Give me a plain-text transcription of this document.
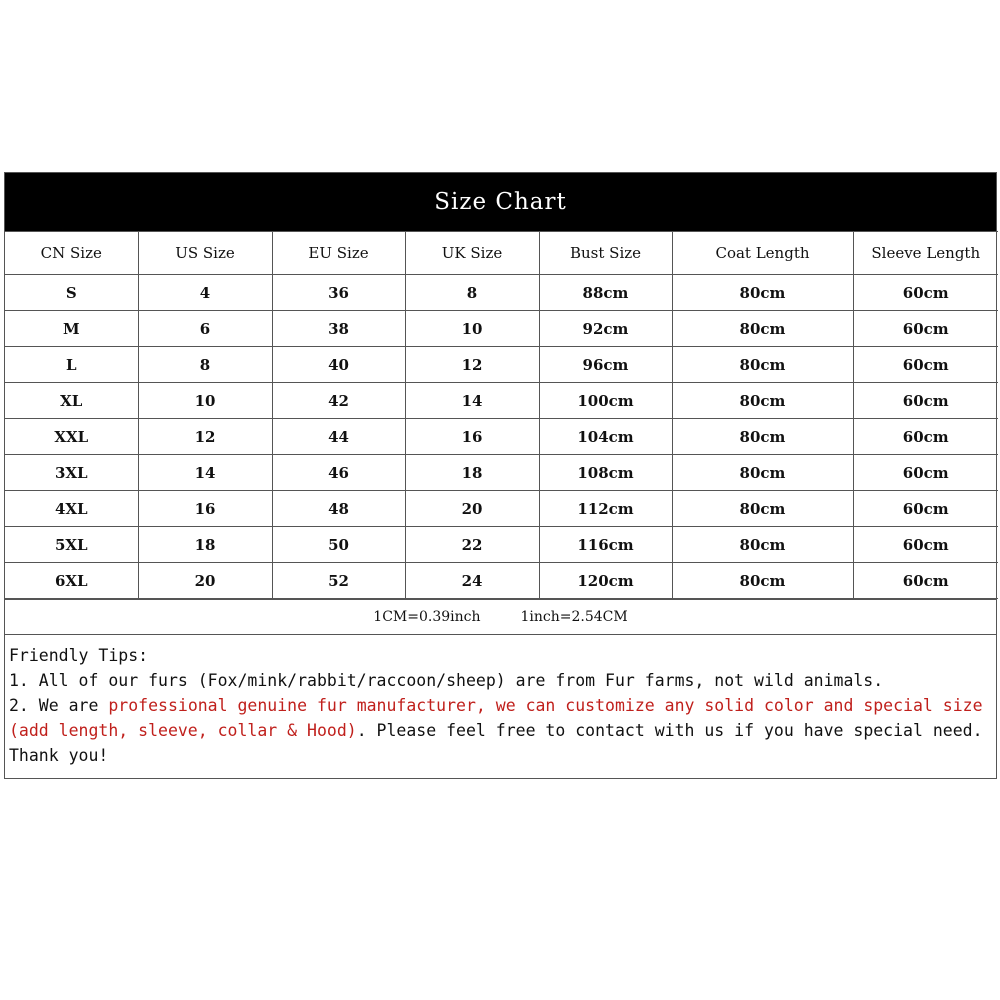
Size Chart
CN Size	US Size	EU Size	UK Size	Bust Size	Coat Length	Sleeve Length
S	4	36	8	88cm	80cm	60cm
M	6	38	10	92cm	80cm	60cm
L	8	40	12	96cm	80cm	60cm
XL	10	42	14	100cm	80cm	60cm
XXL	12	44	16	104cm	80cm	60cm
3XL	14	46	18	108cm	80cm	60cm
4XL	16	48	20	112cm	80cm	60cm
5XL	18	50	22	116cm	80cm	60cm
6XL	20	52	24	120cm	80cm	60cm
1CM=0.39inch	1inch=2.54CM
Friendly Tips:
1. All of our furs (Fox/mink/rabbit/raccoon/sheep) are from Fur farms, not wild animals.
2. We are professional genuine fur manufacturer, we can customize any solid color and special size (add length, sleeve, collar & Hood). Please feel free to contact with us if you have special need. Thank you!
